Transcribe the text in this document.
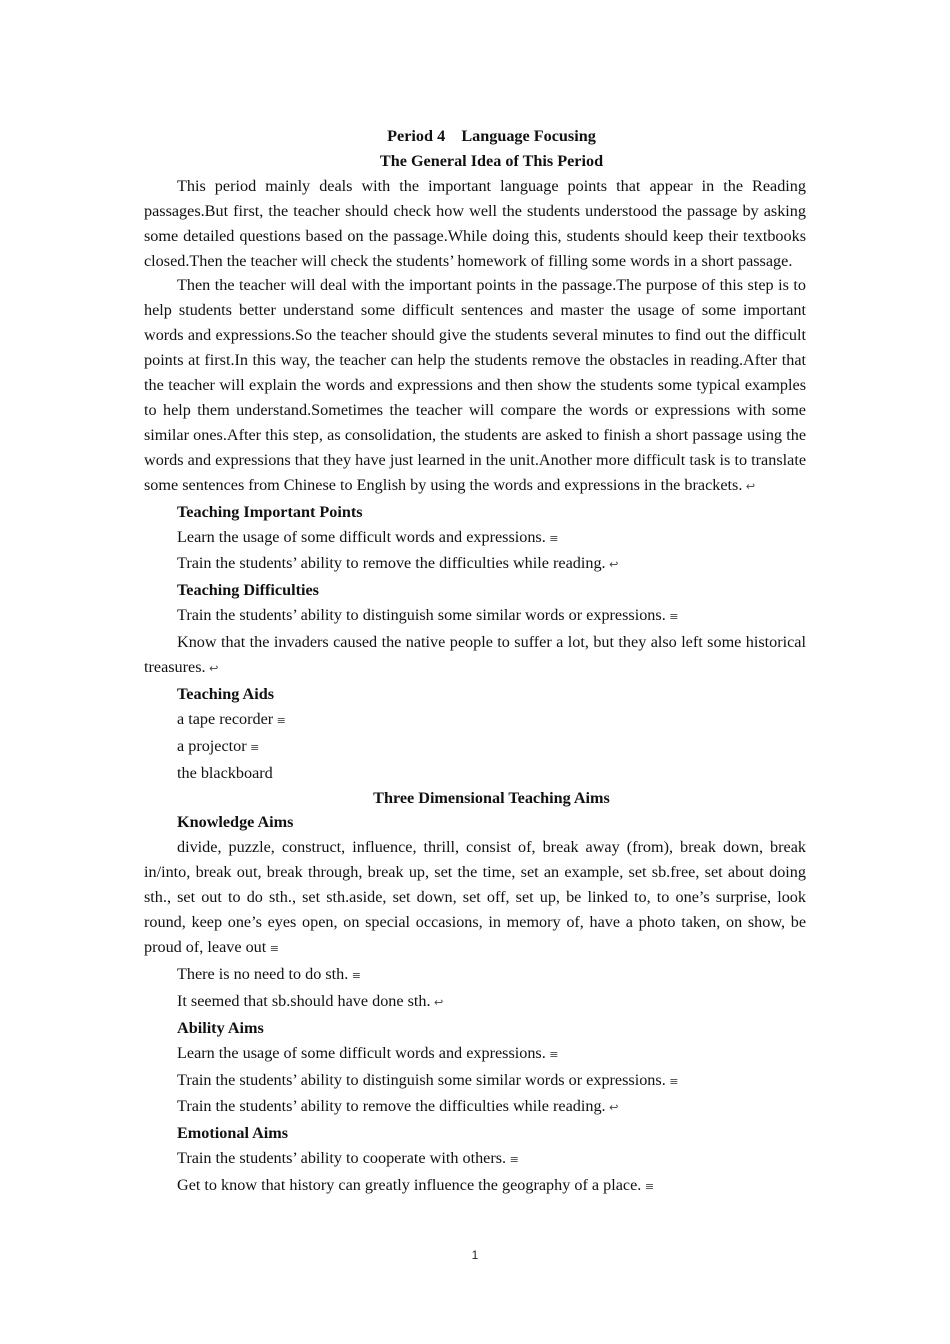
Period 4    Language Focusing
The General Idea of This Period

This period mainly deals with the important language points that appear in the Reading passages.But first, the teacher should check how well the students understood the passage by asking some detailed questions based on the passage.While doing this, students should keep their textbooks closed.Then the teacher will check the students’ homework of filling some words in a short passage.

Then the teacher will deal with the important points in the passage.The purpose of this step is to help students better understand some difficult sentences and master the usage of some important words and expressions.So the teacher should give the students several minutes to find out the difficult points at first.In this way, the teacher can help the students remove the obstacles in reading.After that the teacher will explain the words and expressions and then show the students some typical examples to help them understand.Sometimes the teacher will compare the words or expressions with some similar ones.After this step, as consolidation, the students are asked to finish a short passage using the words and expressions that they have just learned in the unit.Another more difficult task is to translate some sentences from Chinese to English by using the words and expressions in the brackets. ↩

Teaching Important Points
Learn the usage of some difficult words and expressions. ≡
Train the students’ ability to remove the difficulties while reading. ↩
Teaching Difficulties
Train the students’ ability to distinguish some similar words or expressions. ≡

Know that the invaders caused the native people to suffer a lot, but they also left some historical treasures. ↩

Teaching Aids
a tape recorder ≡
a projector ≡
the blackboard
Three Dimensional Teaching Aims
Knowledge Aims

divide, puzzle, construct, influence, thrill, consist of, break away (from), break down, break in/into, break out, break through, break up, set the time, set an example, set sb.free, set about doing sth., set out to do sth., set sth.aside, set down, set off, set up, be linked to, to one’s surprise, look round, keep one’s eyes open, on special occasions, in memory of, have a photo taken, on show, be proud of, leave out ≡

There is no need to do sth. ≡
It seemed that sb.should have done sth. ↩
Ability Aims
Learn the usage of some difficult words and expressions. ≡
Train the students’ ability to distinguish some similar words or expressions. ≡
Train the students’ ability to remove the difficulties while reading. ↩
Emotional Aims
Train the students’ ability to cooperate with others. ≡
Get to know that history can greatly influence the geography of a place. ≡
1
